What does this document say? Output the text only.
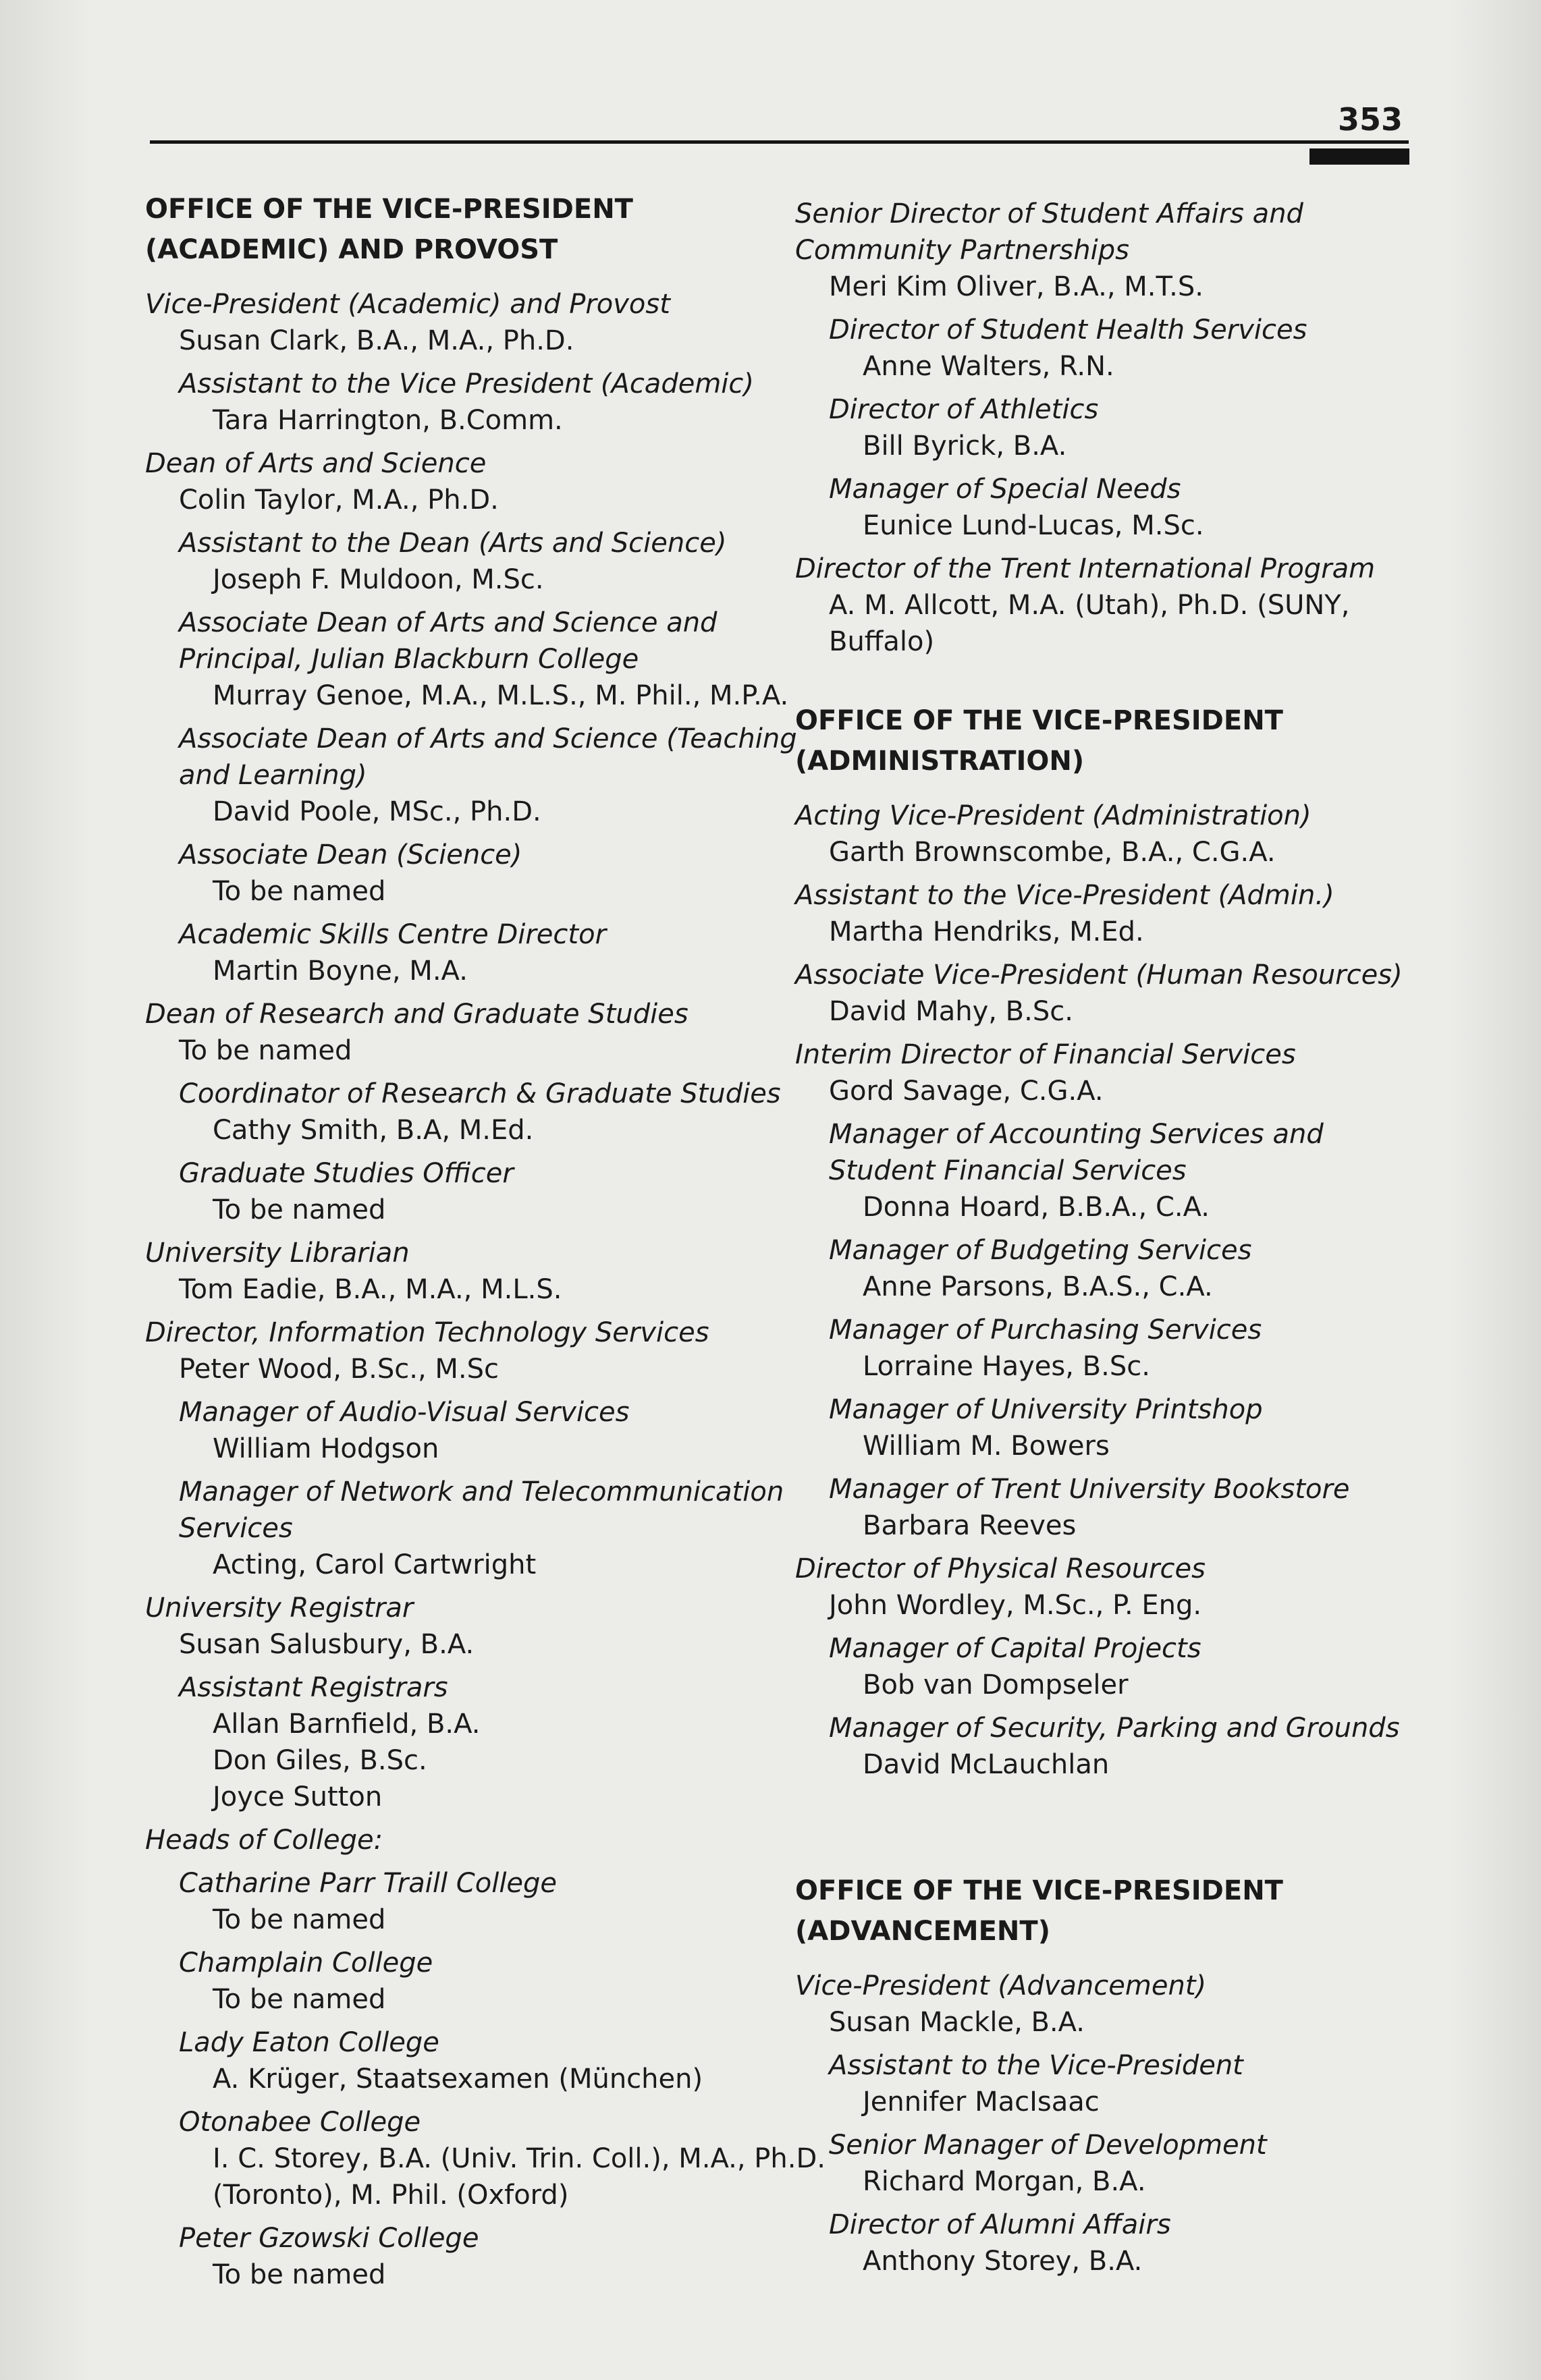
353
OFFICE OF THE VICE-PRESIDENT
(ACADEMIC) AND PROVOST
Vice-President (Academic) and Provost
Susan Clark, B.A., M.A., Ph.D.
Assistant to the Vice President (Academic)
Tara Harrington, B.Comm.
Dean of Arts and Science
Colin Taylor, M.A., Ph.D.
Assistant to the Dean (Arts and Science)
Joseph F. Muldoon, M.Sc.
Associate Dean of Arts and Science and Principal, Julian Blackburn College
Murray Genoe, M.A., M.L.S., M. Phil., M.P.A.
Associate Dean of Arts and Science (Teaching and Learning)
David Poole, MSc., Ph.D.
Associate Dean (Science)
To be named
Academic Skills Centre Director
Martin Boyne, M.A.
Dean of Research and Graduate Studies
To be named
Coordinator of Research & Graduate Studies
Cathy Smith, B.A, M.Ed.
Graduate Studies Officer
To be named
University Librarian
Tom Eadie, B.A., M.A., M.L.S.
Director, Information Technology Services
Peter Wood, B.Sc., M.Sc
Manager of Audio-Visual Services
William Hodgson
Manager of Network and Telecommunication Services
Acting, Carol Cartwright
University Registrar
Susan Salusbury, B.A.
Assistant Registrars
Allan Barnfield, B.A.
Don Giles, B.Sc.
Joyce Sutton
Heads of College:
Catharine Parr Traill College
To be named
Champlain College
To be named
Lady Eaton College
A. Krüger, Staatsexamen (München)
Otonabee College
I. C. Storey, B.A. (Univ. Trin. Coll.), M.A., Ph.D. (Toronto), M. Phil. (Oxford)
Peter Gzowski College
To be named
Senior Director of Student Affairs and Community Partnerships
Meri Kim Oliver, B.A., M.T.S.
Director of Student Health Services
Anne Walters, R.N.
Director of Athletics
Bill Byrick, B.A.
Manager of Special Needs
Eunice Lund-Lucas, M.Sc.
Director of the Trent International Program
A. M. Allcott, M.A. (Utah), Ph.D. (SUNY, Buffalo)
OFFICE OF THE VICE-PRESIDENT
(ADMINISTRATION)
Acting Vice-President (Administration)
Garth Brownscombe, B.A., C.G.A.
Assistant to the Vice-President (Admin.)
Martha Hendriks, M.Ed.
Associate Vice-President (Human Resources)
David Mahy, B.Sc.
Interim Director of Financial Services
Gord Savage, C.G.A.
Manager of Accounting Services and Student Financial Services
Donna Hoard, B.B.A., C.A.
Manager of Budgeting Services
Anne Parsons, B.A.S., C.A.
Manager of Purchasing Services
Lorraine Hayes, B.Sc.
Manager of University Printshop
William M. Bowers
Manager of Trent University Bookstore
Barbara Reeves
Director of Physical Resources
John Wordley, M.Sc., P. Eng.
Manager of Capital Projects
Bob van Dompseler
Manager of Security, Parking and Grounds
David McLauchlan
OFFICE OF THE VICE-PRESIDENT
(ADVANCEMENT)
Vice-President (Advancement)
Susan Mackle, B.A.
Assistant to the Vice-President
Jennifer MacIsaac
Senior Manager of Development
Richard Morgan, B.A.
Director of Alumni Affairs
Anthony Storey, B.A.
